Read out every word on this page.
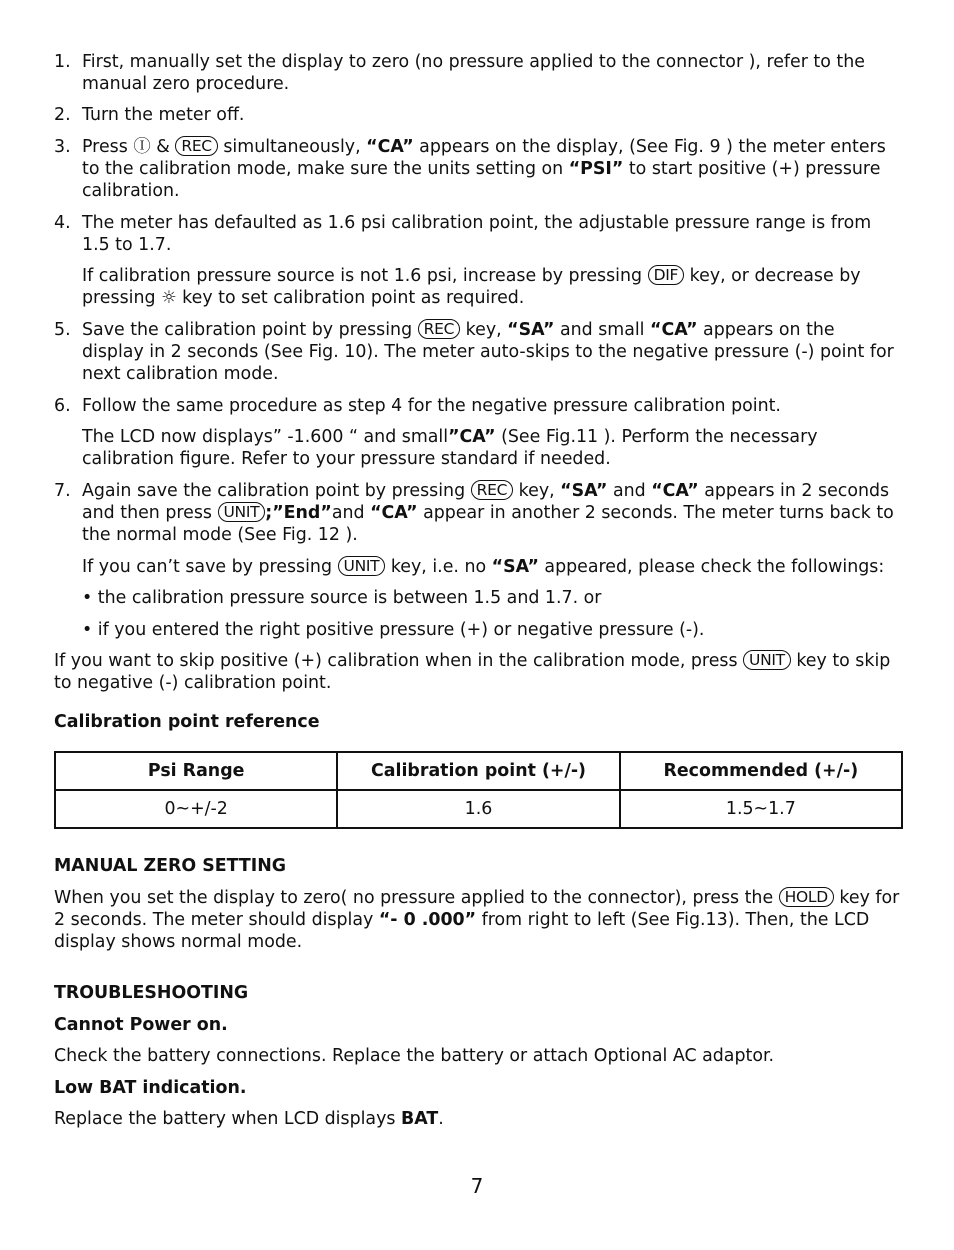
1. First, manually set the display to zero (no pressure applied to the connector ), refer to the manual zero procedure.
2. Turn the meter off.
3. Press Ⓘ & REC simultaneously, “CA” appears on the display, (See Fig. 9 ) the meter enters to the calibration mode, make sure the units setting on “PSI” to start positive (+) pressure calibration.
4. The meter has defaulted as 1.6 psi calibration point, the adjustable pressure range is from 1.5 to 1.7.
If calibration pressure source is not 1.6 psi, increase by pressing DIF key, or decrease by pressing ☼ key to set calibration point as required.
5. Save the calibration point by pressing REC key, “SA” and small “CA” appears on the display in 2 seconds (See Fig. 10). The meter auto-skips to the negative pressure (-) point for next calibration mode.
6. Follow the same procedure as step 4 for the negative pressure calibration point.
The LCD now displays” -1.600 “ and small”CA” (See Fig.11 ). Perform the necessary calibration figure. Refer to your pressure standard if needed.
7. Again save the calibration point by pressing REC key, “SA” and “CA” appears in 2 seconds and then press UNIT ;”End”and “CA” appear in another 2 seconds. The meter turns back to the normal mode (See Fig. 12 ).
If you can’t save by pressing UNIT key, i.e. no “SA” appeared, please check the followings:
• the calibration pressure source is between 1.5 and 1.7. or
• if you entered the right positive pressure (+) or negative pressure (-).
If you want to skip positive (+) calibration when in the calibration mode, press UNIT key to skip to negative (-) calibration point.
Calibration point reference
Psi Range	Calibration point (+/-)	Recommended (+/-)
0~+/-2	1.6	1.5~1.7
MANUAL ZERO SETTING
When you set the display to zero( no pressure applied to the connector), press the HOLD key for 2 seconds. The meter should display “- 0 .000” from right to left (See Fig.13). Then, the LCD display shows normal mode.
TROUBLESHOOTING
Cannot Power on.
Check the battery connections. Replace the battery or attach Optional AC adaptor.
Low BAT indication.
Replace the battery when LCD displays BAT.
7
